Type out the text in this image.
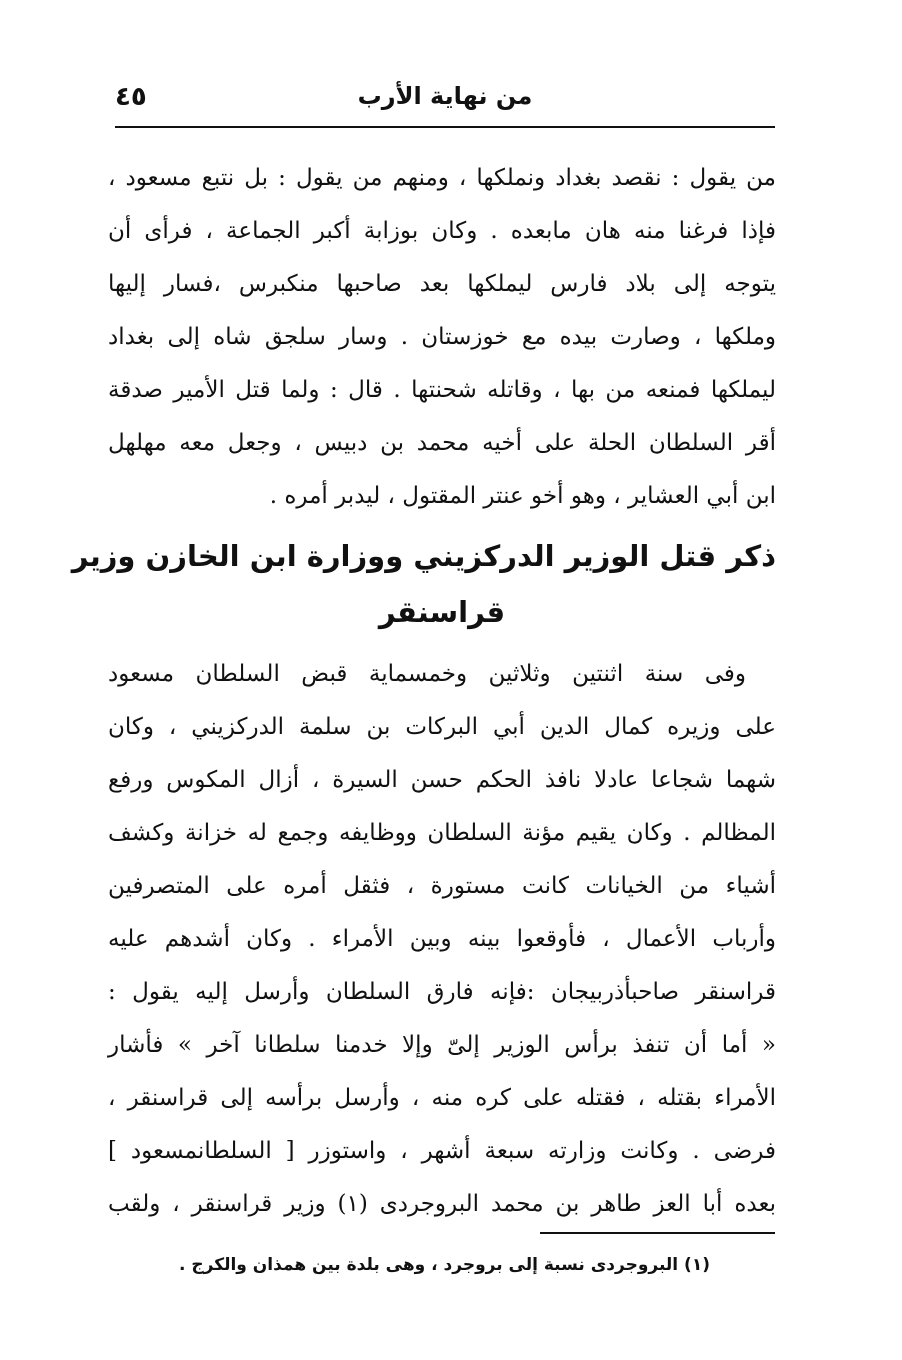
٤٥	من نهاية الأرب
من يقول : نقصد بغداد ونملكها ، ومنهم من يقول : بل نتبع مسعود ،
فإذا فرغنا منه هان مابعده . وكان بوزابة أكبر الجماعة ، فرأى أن
يتوجه إلى بلاد فارس ليملكها بعد صاحبها منكبرس ،فسار إليها
وملكها ، وصارت بيده مع خوزستان . وسار سلجق شاه إلى بغداد
ليملكها فمنعه من بها ، وقاتله شحنتها . قال : ولما قتل الأمير صدقة
أقر السلطان الحلة على أخيه محمد بن دبيس ، وجعل معه مهلهل
ابن أبي العشاير ، وهو أخو عنتر المقتول ، ليدبر أمره .
ذكر قتل الوزير الدركزيني ووزارة ابن الخازن وزير
قراسنقر
وفى سنة اثنتين وثلاثين وخمسماية قبض السلطان مسعود
على وزيره كمال الدين أبي البركات بن سلمة الدركزيني ، وكان
شهما شجاعا عادلا نافذ الحكم حسن السيرة ، أزال المكوس ورفع
المظالم . وكان يقيم مؤنة السلطان ووظايفه وجمع له خزانة وكشف
أشياء من الخيانات كانت مستورة ، فثقل أمره على المتصرفين
وأرباب الأعمال ، فأوقعوا بينه وبين الأمراء . وكان أشدهم عليه
قراسنقر صاحبأذربيجان :فإنه فارق السلطان وأرسل إليه يقول :
« أما أن تنفذ برأس الوزير إلىّ وإلا خدمنا سلطانا آخر » فأشار
الأمراء بقتله ، فقتله على كره منه ، وأرسل برأسه إلى قراسنقر ،
فرضى . وكانت وزارته سبعة أشهر ، واستوزر [ السلطانمسعود ]
بعده أبا العز طاهر بن محمد البروجردى (١) وزير قراسنقر ، ولقب
(١) البروجردى نسبة إلى بروجرد ، وهى بلدة بين همذان والكرج .
